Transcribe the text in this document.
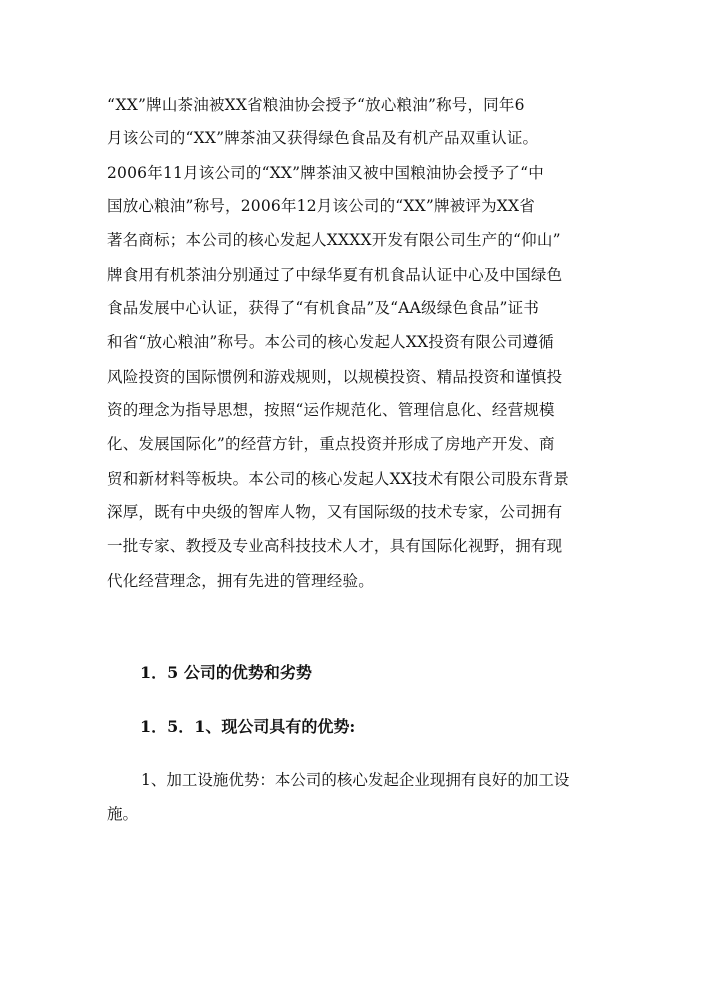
“XX”牌山茶油被XX省粮油协会授予“放心粮油”称号，同年6
月该公司的“XX”牌茶油又获得绿色食品及有机产品双重认证。
2006年11月该公司的“XX”牌茶油又被中国粮油协会授予了“中
国放心粮油”称号，2006年12月该公司的“XX”牌被评为XX省
著名商标；本公司的核心发起人XXXX开发有限公司生产的“仰山”
牌食用有机茶油分别通过了中绿华夏有机食品认证中心及中国绿色
食品发展中心认证，获得了“有机食品”及“AA级绿色食品”证书
和省“放心粮油”称号。本公司的核心发起人XX投资有限公司遵循
风险投资的国际惯例和游戏规则，以规模投资、精品投资和谨慎投
资的理念为指导思想，按照“运作规范化、管理信息化、经营规模
化、发展国际化”的经营方针，重点投资并形成了房地产开发、商
贸和新材料等板块。本公司的核心发起人XX技术有限公司股东背景
深厚，既有中央级的智库人物，又有国际级的技术专家，公司拥有
一批专家、教授及专业高科技技术人才，具有国际化视野，拥有现
代化经营理念，拥有先进的管理经验。
1．5 公司的优势和劣势
1．5．1、现公司具有的优势:
1、加工设施优势：本公司的核心发起企业现拥有良好的加工设
施。
